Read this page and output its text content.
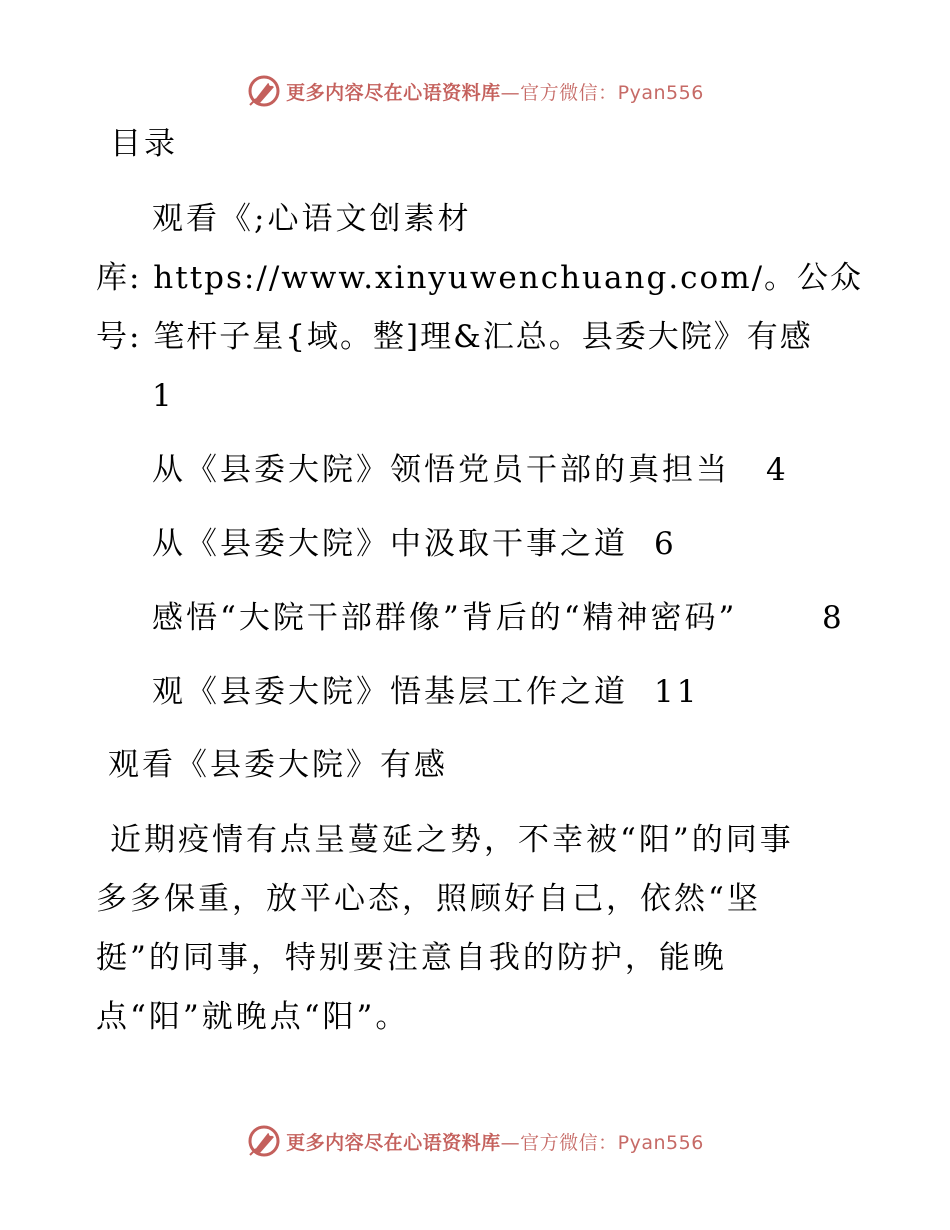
更多内容尽在心语资料库—官方微信：Pyan556
目录
观看《;心语文创素材
库: https://www.xinyuwenchuang.com/。公众
号: 笔杆子星{域。整]理&汇总。县委大院》有感
1
从《县委大院》领悟党员干部的真担当 4
从《县委大院》中汲取干事之道 6
感悟“大院干部群像”背后的“精神密码”	8
观《县委大院》悟基层工作之道 11
观看《县委大院》有感
近期疫情有点呈蔓延之势，不幸被“阳”的同事
多多保重，放平心态，照顾好自己，依然“坚
挺”的同事，特别要注意自我的防护，能晚
点“阳”就晚点“阳”。
更多内容尽在心语资料库—官方微信：Pyan556
